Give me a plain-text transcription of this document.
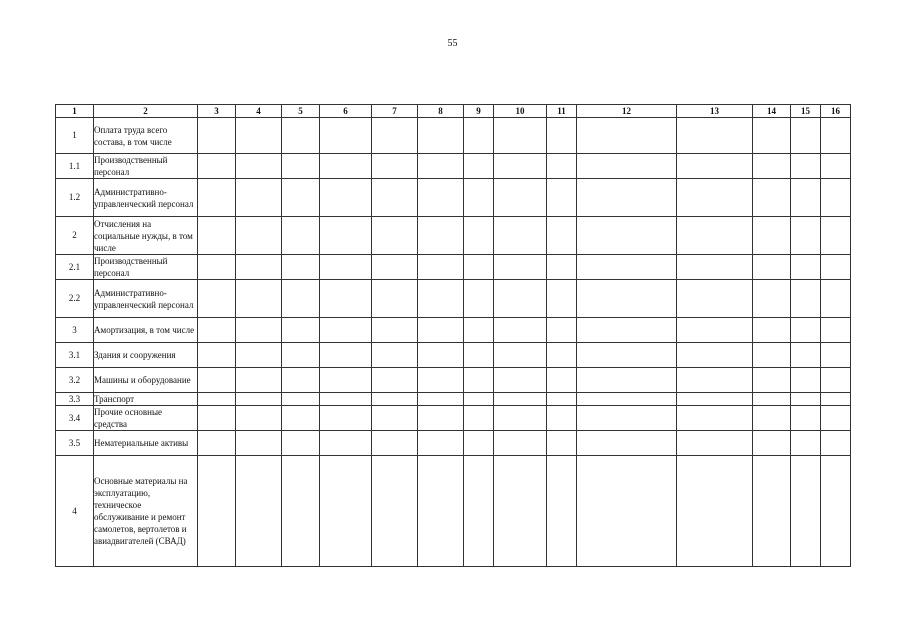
55
1	2	3	4	5	6	7	8	9	10	11	12	13	14	15	16
1	Оплата труда всего состава, в том числе														
1.1	Производственный персонал														
1.2	Административно-управленческий персонал														
2	Отчисления на социальные нужды, в том числе														
2.1	Производственный персонал														
2.2	Административно-управленческий персонал														
3	Амортизация, в том числе														
3.1	Здания и сооружения														
3.2	Машины и оборудование														
3.3	Транспорт														
3.4	Прочие основные средства														
3.5	Нематериальные активы														
4	Основные материалы на эксплуатацию, техническое обслуживание и ремонт самолетов, вертолетов и авиадвигателей (СВАД)														
